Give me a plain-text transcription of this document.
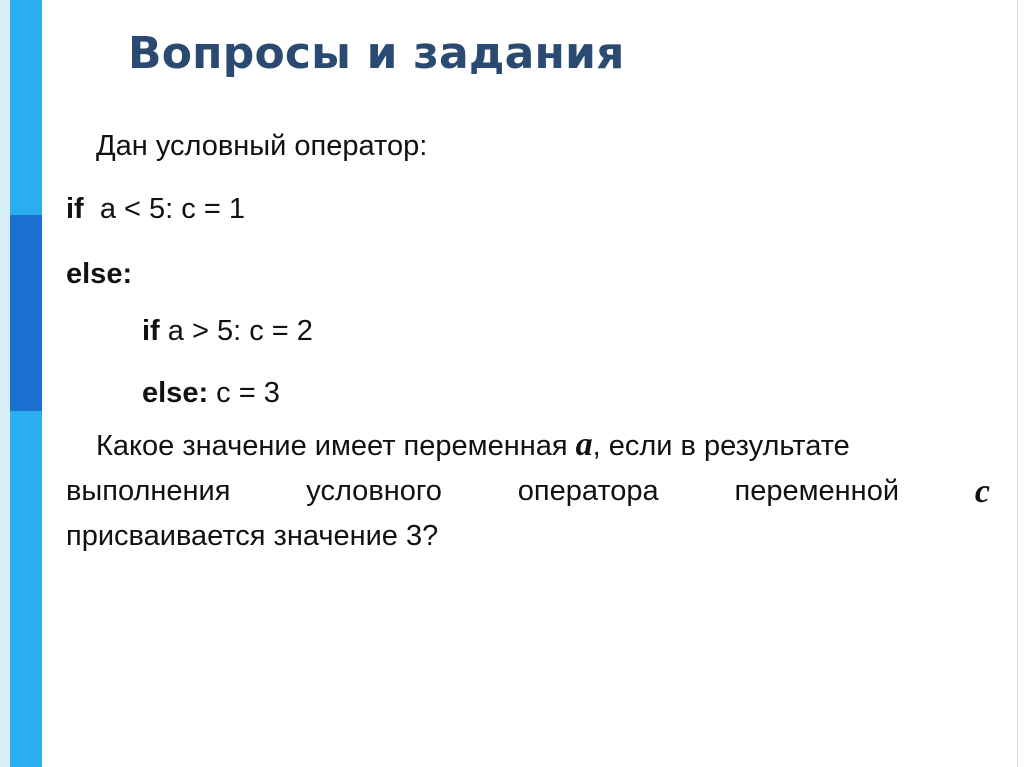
Вопросы и задания
Дан условный оператор:
if a < 5: c = 1
else:
if a > 5: c = 2
else: c = 3
Какое значение имеет переменная a, если в результате
выполнения	условного	оператора	переменной c
присваивается значение 3?
